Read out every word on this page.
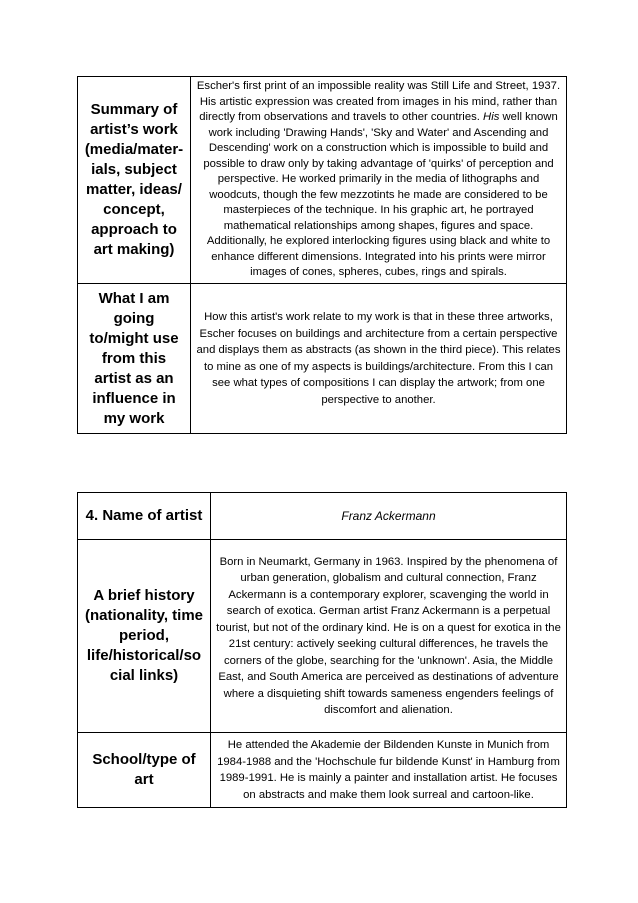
Summary of artist’s work (media/mater-ials, subject matter, ideas/ concept, approach to art making)	Escher's first print of an impossible reality was Still Life and Street, 1937. His artistic expression was created from images in his mind, rather than directly from observations and travels to other countries. His well known work including 'Drawing Hands', 'Sky and Water' and Ascending and Descending' work on a construction which is impossible to build and possible to draw only by taking advantage of 'quirks' of perception and perspective. He worked primarily in the media of lithographs and woodcuts, though the few mezzotints he made are considered to be masterpieces of the technique. In his graphic art, he portrayed mathematical relationships among shapes, figures and space. Additionally, he explored interlocking figures using black and white to enhance different dimensions. Integrated into his prints were mirror images of cones, spheres, cubes, rings and spirals.

What I am going to/might use from this artist as an influence in my work	How this artist's work relate to my work is that in these three artworks, Escher focuses on buildings and architecture from a certain perspective and displays them as abstracts (as shown in the third piece). This relates to mine as one of my aspects is buildings/architecture. From this I can see what types of compositions I can display the artwork; from one perspective to another.
4. Name of artist	Franz Ackermann

A brief history (nationality, time period, life/historical/so cial links)	Born in Neumarkt, Germany in 1963. Inspired by the phenomena of urban generation, globalism and cultural connection, Franz Ackermann is a contemporary explorer, scavenging the world in search of exotica. German artist Franz Ackermann is a perpetual tourist, but not of the ordinary kind. He is on a quest for exotica in the 21st century: actively seeking cultural differences, he travels the corners of the globe, searching for the 'unknown'. Asia, the Middle East, and South America are perceived as destinations of adventure where a disquieting shift towards sameness engenders feelings of discomfort and alienation.

School/type of art	He attended the Akademie der Bildenden Kunste in Munich from 1984-1988 and the 'Hochschule fur bildende Kunst' in Hamburg from 1989-1991. He is mainly a painter and installation artist. He focuses on abstracts and make them look surreal and cartoon-like.
